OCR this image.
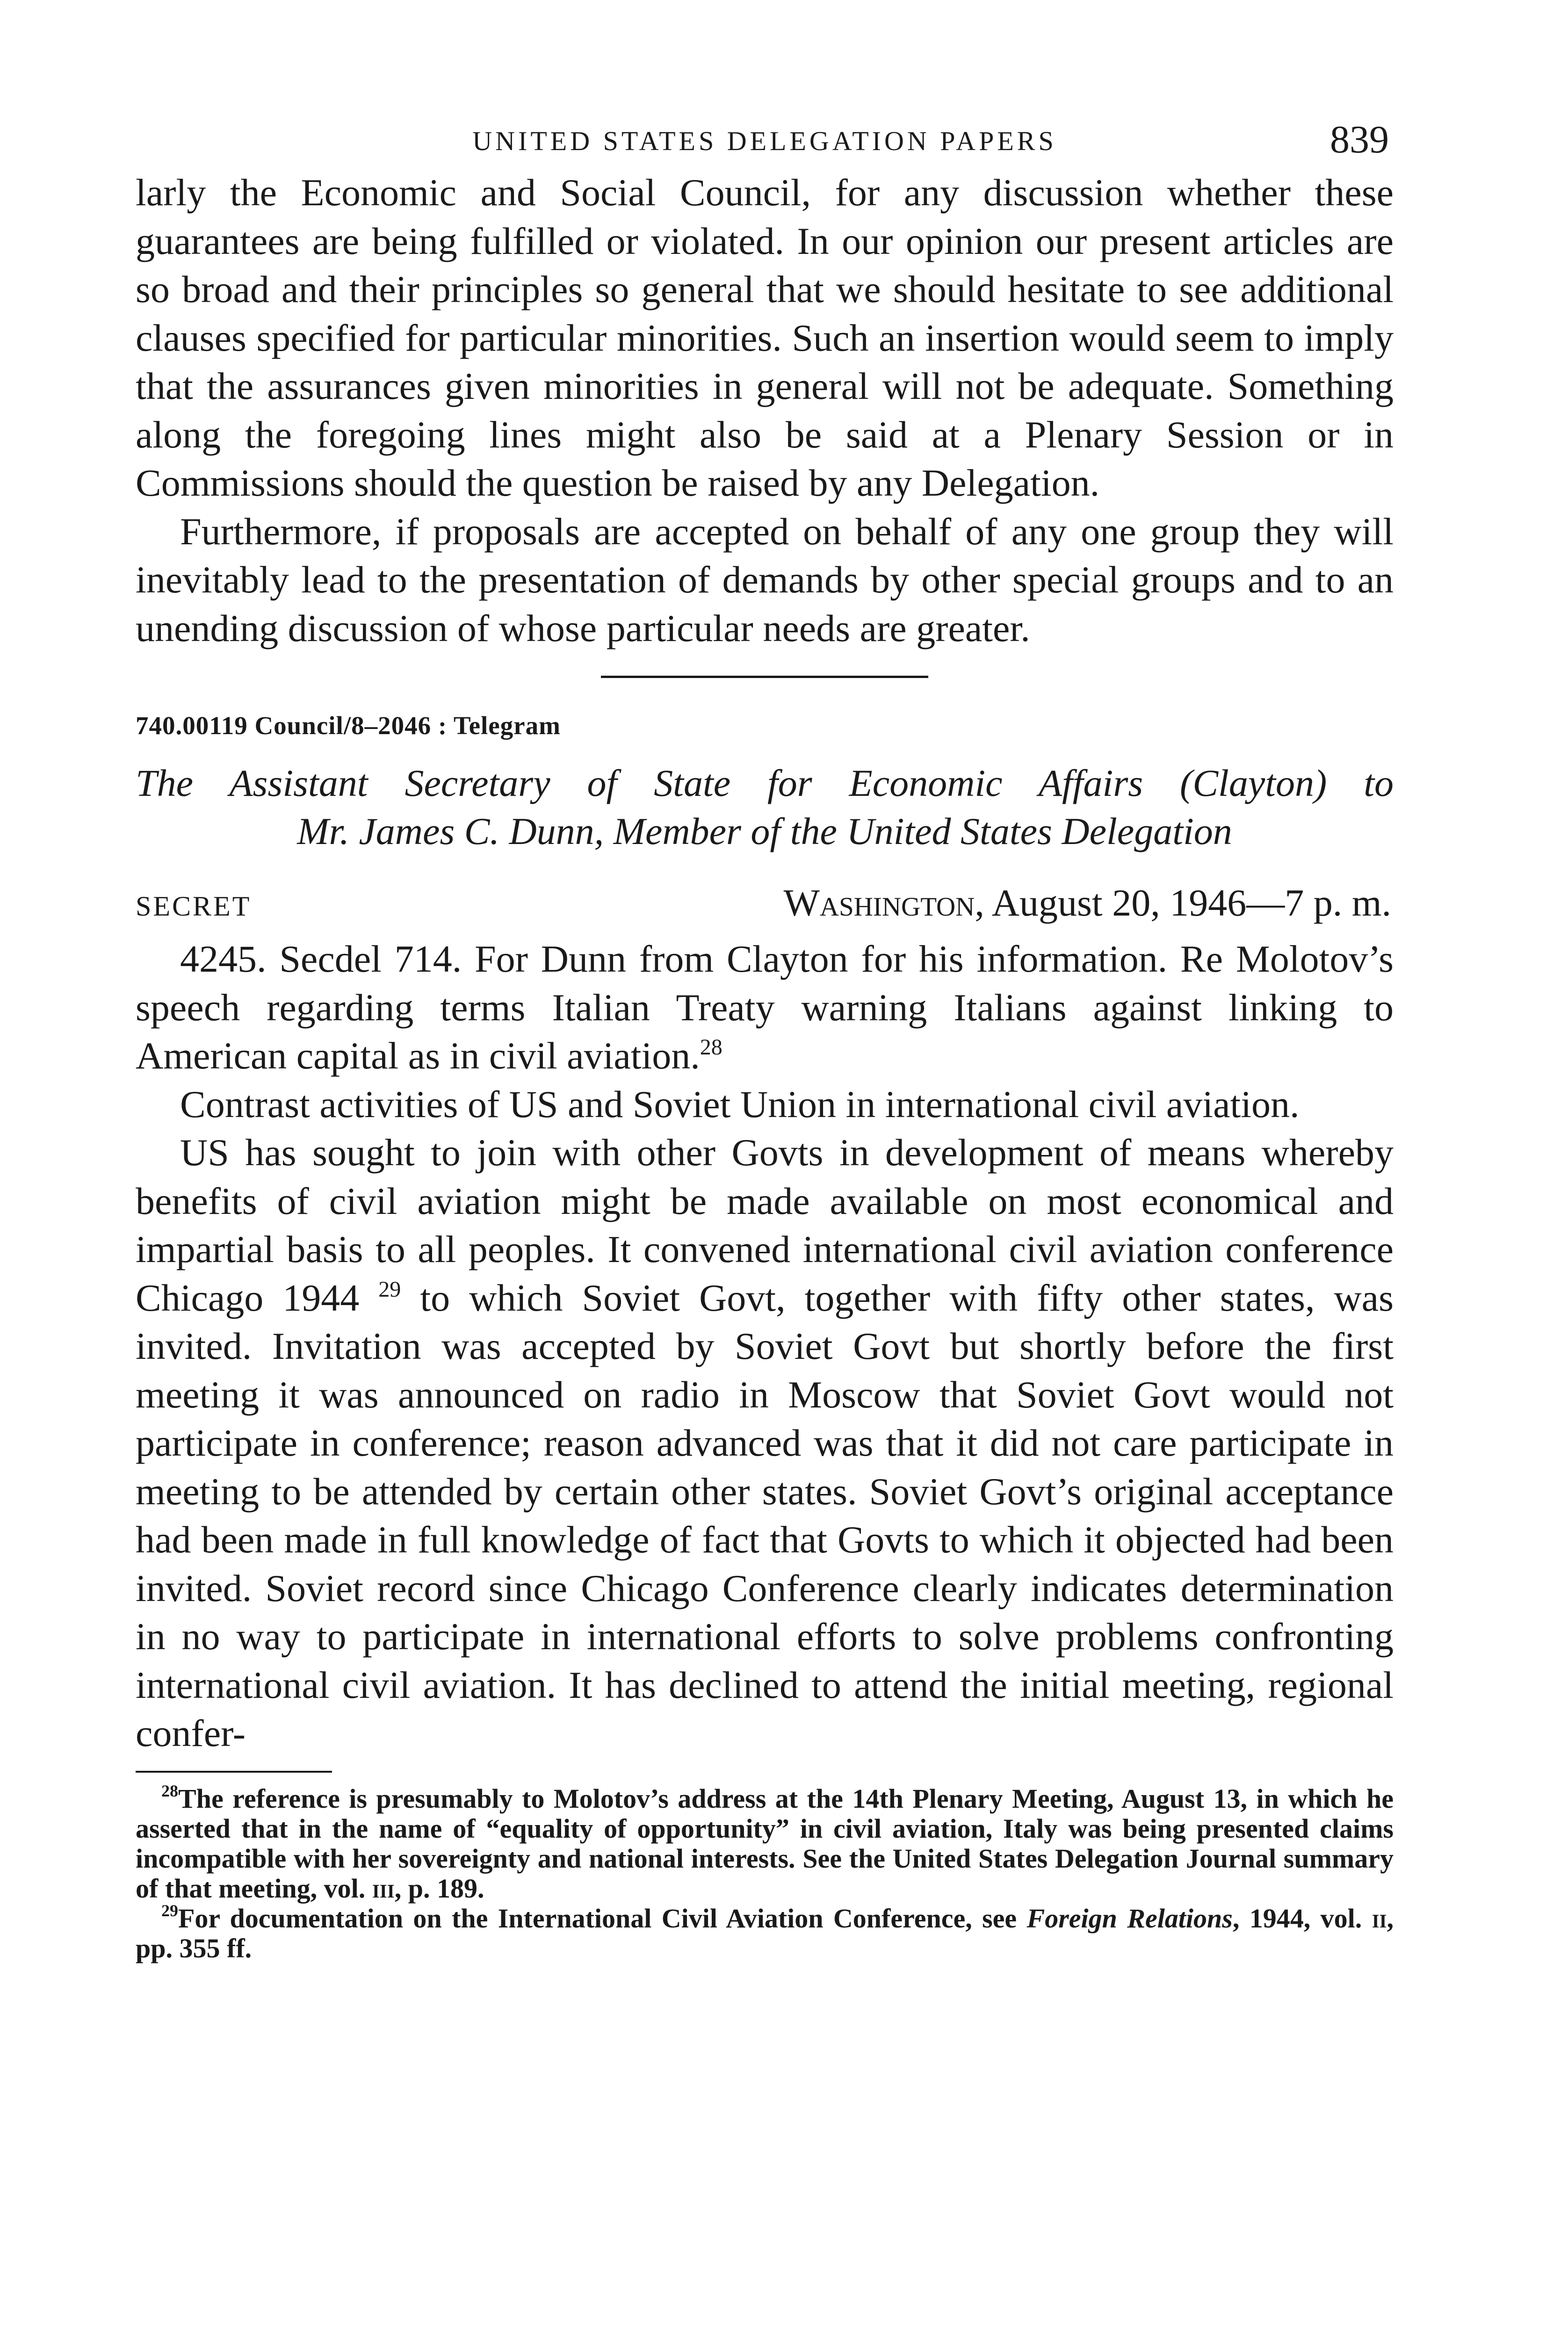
UNITED STATES DELEGATION PAPERS	839

larly the Economic and Social Council, for any discussion whether these guarantees are being fulfilled or violated. In our opinion our present articles are so broad and their principles so general that we should hesitate to see additional clauses specified for particular minorities. Such an insertion would seem to imply that the assurances given minorities in general will not be adequate. Something along the foregoing lines might also be said at a Plenary Session or in Commissions should the question be raised by any Delegation.

Furthermore, if proposals are accepted on behalf of any one group they will inevitably lead to the presentation of demands by other special groups and to an unending discussion of whose particular needs are greater.

740.00119 Council/8–2046 : Telegram
The Assistant Secretary of State for Economic Affairs (Clayton) to
Mr. James C. Dunn, Member of the United States Delegation
SECRET	Washington, August 20, 1946—7 p. m.

4245. Secdel 714. For Dunn from Clayton for his information. Re Molotov’s speech regarding terms Italian Treaty warning Italians against linking to American capital as in civil aviation.$^{28}$

Contrast activities of US and Soviet Union in international civil aviation.

US has sought to join with other Govts in development of means whereby benefits of civil aviation might be made available on most economical and impartial basis to all peoples. It convened international civil aviation conference Chicago 1944 $^{29}$ to which Soviet Govt, together with fifty other states, was invited. Invitation was accepted by Soviet Govt but shortly before the first meeting it was announced on radio in Moscow that Soviet Govt would not participate in conference; reason advanced was that it did not care participate in meeting to be attended by certain other states. Soviet Govt’s original acceptance had been made in full knowledge of fact that Govts to which it objected had been invited. Soviet record since Chicago Conference clearly indicates determination in no way to participate in international efforts to solve problems confronting international civil aviation. It has declined to attend the initial meeting, regional confer-

$^{28}$The reference is presumably to Molotov’s address at the 14th Plenary Meeting, August 13, in which he asserted that in the name of “equality of opportunity” in civil aviation, Italy was being presented claims incompatible with her sovereignty and national interests. See the United States Delegation Journal summary of that meeting, vol. iii, p. 189.

$^{29}$For documentation on the International Civil Aviation Conference, see Foreign Relations, 1944, vol. ii, pp. 355 ff.
